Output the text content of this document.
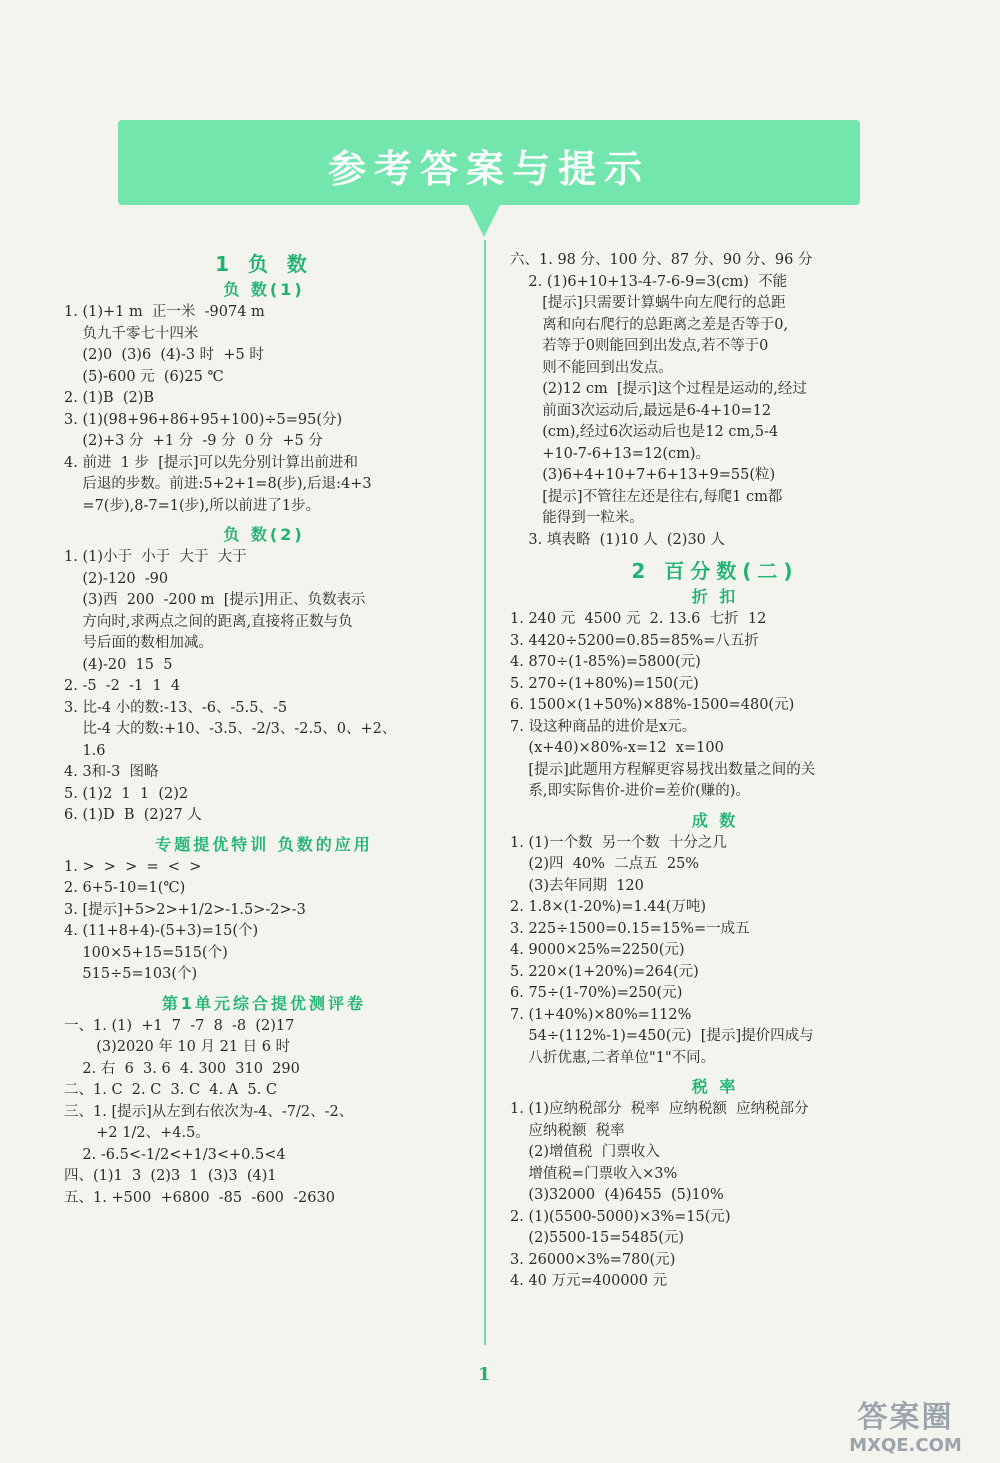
参考答案与提示
1 负 数
负 数(1)
1. (1)+1 m  正一米  -9074 m
负九千零七十四米
(2)0  (3)6  (4)-3 时  +5 时
(5)-600 元  (6)25 ℃
2. (1)B  (2)B
3. (1)(98+96+86+95+100)÷5=95(分)
(2)+3 分  +1 分  -9 分  0 分  +5 分
4. 前进  1 步  [提示]可以先分别计算出前进和
后退的步数。前进:5+2+1=8(步),后退:4+3
=7(步),8-7=1(步),所以前进了1步。
负 数(2)
1. (1)小于  小于  大于  大于
(2)-120  -90
(3)西  200  -200 m  [提示]用正、负数表示
方向时,求两点之间的距离,直接将正数与负
号后面的数相加减。
(4)-20  15  5
2. -5  -2  -1  1  4
3. 比-4 小的数:-13、-6、-5.5、-5
比-4 大的数:+10、-3.5、-2/3、-2.5、0、+2、
1.6
4. 3和-3  图略
5. (1)2  1  1  (2)2
6. (1)D  B  (2)27 人
专题提优特训 负数的应用
1. >  >  >  =  <  >
2. 6+5-10=1(℃)
3. [提示]+5>2>+1/2>-1.5>-2>-3
4. (11+8+4)-(5+3)=15(个)
100×5+15=515(个)
515÷5=103(个)
第1单元综合提优测评卷
一、1. (1)  +1  7  -7  8  -8  (2)17
(3)2020 年 10 月 21 日 6 时
2. 右  6  3. 6  4. 300  310  290
二、1. C  2. C  3. C  4. A  5. C
三、1. [提示]从左到右依次为-4、-7/2、-2、
+2 1/2、+4.5。
2. -6.5<-1/2<+1/3<+0.5<4
四、(1)1  3  (2)3  1  (3)3  (4)1
五、1. +500  +6800  -85  -600  -2630
六、1. 98 分、100 分、87 分、90 分、96 分
2. (1)6+10+13-4-7-6-9=3(cm)  不能
[提示]只需要计算蜗牛向左爬行的总距
离和向右爬行的总距离之差是否等于0,
若等于0则能回到出发点,若不等于0
则不能回到出发点。
(2)12 cm  [提示]这个过程是运动的,经过
前面3次运动后,最远是6-4+10=12
(cm),经过6次运动后也是12 cm,5-4
+10-7-6+13=12(cm)。
(3)6+4+10+7+6+13+9=55(粒)
[提示]不管往左还是往右,每爬1 cm都
能得到一粒米。
3. 填表略  (1)10 人  (2)30 人
2 百分数(二)
折 扣
1. 240 元  4500 元  2. 13.6  七折  12
3. 4420÷5200=0.85=85%=八五折
4. 870÷(1-85%)=5800(元)
5. 270÷(1+80%)=150(元)
6. 1500×(1+50%)×88%-1500=480(元)
7. 设这种商品的进价是x元。
(x+40)×80%-x=12  x=100
[提示]此题用方程解更容易找出数量之间的关
系,即实际售价-进价=差价(赚的)。
成 数
1. (1)一个数  另一个数  十分之几
(2)四  40%  二点五  25%
(3)去年同期  120
2. 1.8×(1-20%)=1.44(万吨)
3. 225÷1500=0.15=15%=一成五
4. 9000×25%=2250(元)
5. 220×(1+20%)=264(元)
6. 75÷(1-70%)=250(元)
7. (1+40%)×80%=112%
54÷(112%-1)=450(元)  [提示]提价四成与
八折优惠,二者单位"1"不同。
税 率
1. (1)应纳税部分  税率  应纳税额  应纳税部分
应纳税额  税率
(2)增值税  门票收入
增值税=门票收入×3%
(3)32000  (4)6455  (5)10%
2. (1)(5500-5000)×3%=15(元)
(2)5500-15=5485(元)
3. 26000×3%=780(元)
4. 40 万元=400000 元
1
答案圈
MXQE.COM
